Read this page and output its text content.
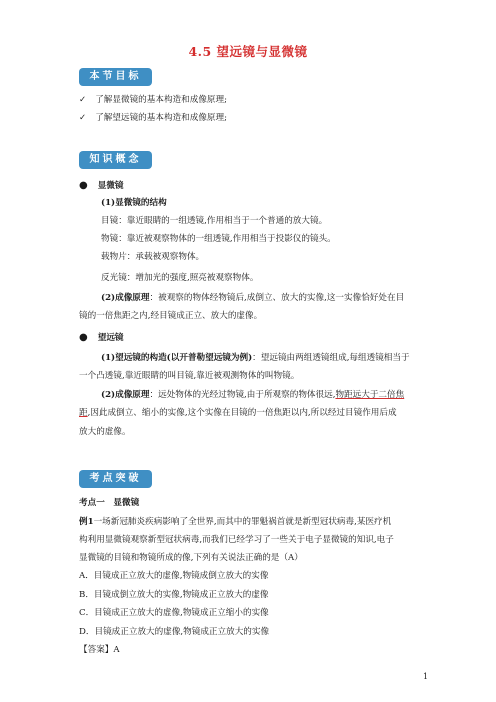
4.5 望远镜与显微镜
本节目标
✓ 了解显微镜的基本构造和成像原理;
✓ 了解望远镜的基本构造和成像原理;
知识概念
● 显微镜
(1)显微镜的结构
目镜：靠近眼睛的一组透镜,作用相当于一个普通的放大镜。
物镜：靠近被观察物体的一组透镜,作用相当于投影仪的镜头。
载物片：承载被观察物体。
反光镜：增加光的强度,照亮被观察物体。
(2)成像原理：被观察的物体经物镜后,成倒立、放大的实像,这一实像恰好处在目
镜的一倍焦距之内,经目镜成正立、放大的虚像。
● 望远镜
(1)望远镜的构造(以开普勒望远镜为例)：望远镜由两组透镜组成,每组透镜相当于
一个凸透镜,靠近眼睛的叫目镜,靠近被观测物体的叫物镜。
(2)成像原理：远处物体的光经过物镜,由于所观察的物体很远,物距远大于二倍焦
距,因此成倒立、缩小的实像,这个实像在目镜的一倍焦距以内,所以经过目镜作用后成
放大的虚像。
考点突破
考点一　显微镜
例1一场新冠肺炎疾病影响了全世界,而其中的罪魁祸首就是新型冠状病毒,某医疗机
构利用显微镜观察新型冠状病毒,而我们已经学习了一些关于电子显微镜的知识,电子
显微镜的目镜和物镜所成的像,下列有关说法正确的是（A）
A．目镜成正立放大的虚像,物镜成倒立放大的实像
B．目镜成倒立放大的实像,物镜成正立放大的虚像
C．目镜成正立放大的虚像,物镜成正立缩小的实像
D．目镜成正立放大的虚像,物镜成正立放大的实像
【答案】A
1
